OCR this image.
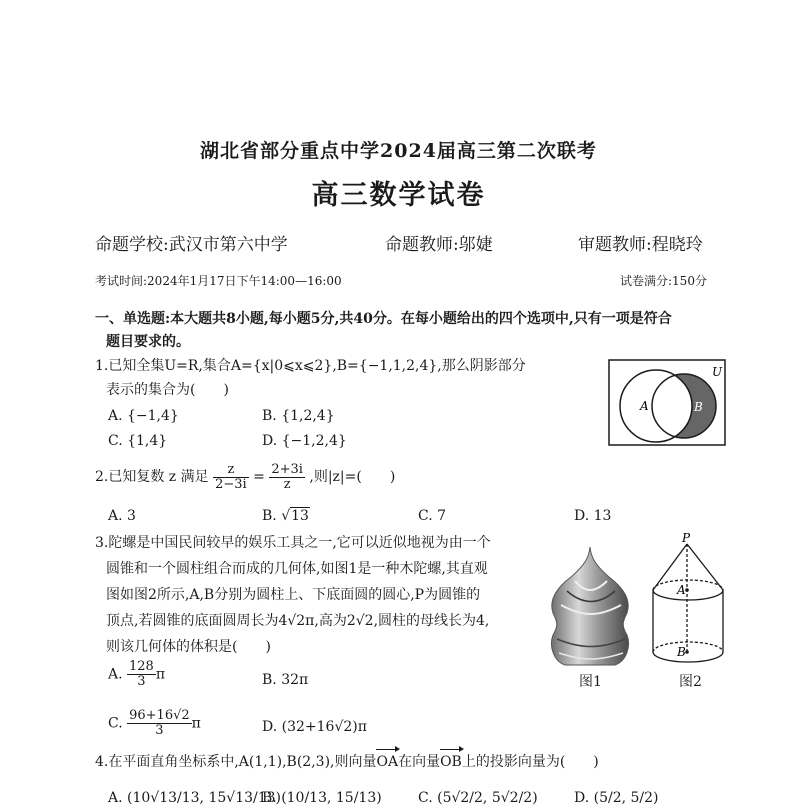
湖北省部分重点中学2024届高三第二次联考
高三数学试卷
命题学校:武汉市第六中学	命题教师:邬婕	审题教师:程晓玲
考试时间:2024年1月17日下午14:00—16:00	试卷满分:150分
一、单选题:本大题共8小题,每小题5分,共40分。在每小题给出的四个选项中,只有一项是符合
题目要求的。
1.已知全集U=R,集合A={x|0⩽x⩽2},B={−1,1,2,4},那么阴影部分
表示的集合为(　　)
A. {−1,4}	B. {1,2,4}
C. {1,4}	D. {−1,2,4}
U
A	B
2.已知复数 z 满足 $\frac{z}{2-3i} = \frac{2+3i}{z}$ ,则|z|=(　　)
A. 3	B. √13	C. 7	D. 13
3.陀螺是中国民间较早的娱乐工具之一,它可以近似地视为由一个
圆锥和一个圆柱组合而成的几何体,如图1是一种木陀螺,其直观
图如图2所示,A,B分别为圆柱上、下底面圆的圆心,P为圆锥的
顶点,若圆锥的底面圆周长为4√2π,高为2√2,圆柱的母线长为4,
则该几何体的体积是(　　)
A. $\frac{128}{3}$ π	B. 32π
C. $\frac{96+16√2}{3}$ π	D. (32+16√2)π
图1
P
A
B
图2
4.在平面直角坐标系中,A(1,1),B(2,3),则向量OA在向量OB上的投影向量为(　　)
A. (10√13/13, 15√13/13)
B. (10/13, 15/13)	C. (5√2/2, 5√2/2)	D. (5/2, 5/2)
